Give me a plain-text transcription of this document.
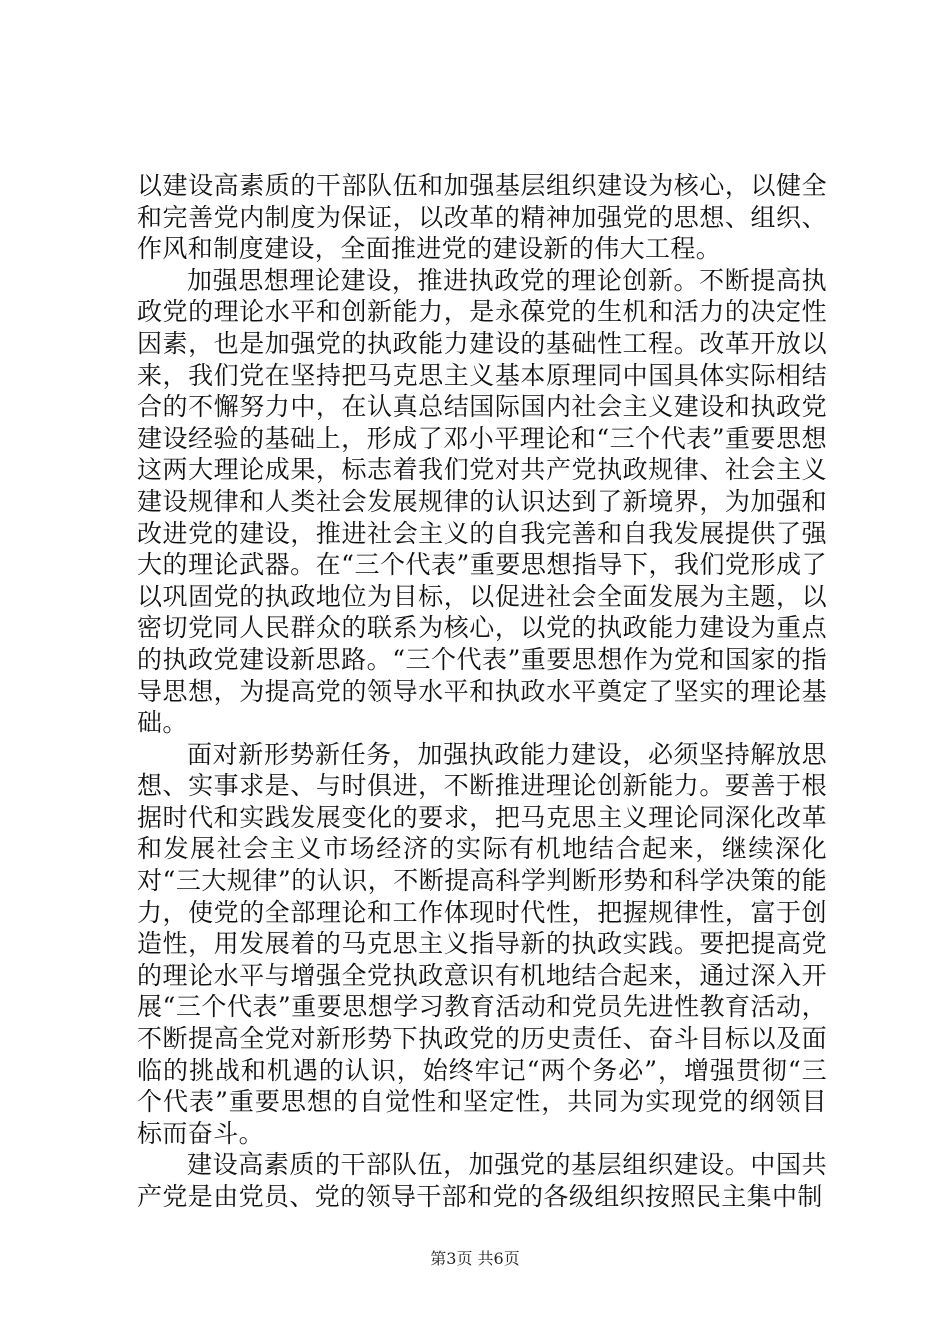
以建设高素质的干部队伍和加强基层组织建设为核心，以健全和完善党内制度为保证，以改革的精神加强党的思想、组织、作风和制度建设，全面推进党的建设新的伟大工程。

加强思想理论建设，推进执政党的理论创新。不断提高执政党的理论水平和创新能力，是永葆党的生机和活力的决定性因素，也是加强党的执政能力建设的基础性工程。改革开放以来，我们党在坚持把马克思主义基本原理同中国具体实际相结合的不懈努力中，在认真总结国际国内社会主义建设和执政党建设经验的基础上，形成了邓小平理论和“三个代表”重要思想这两大理论成果，标志着我们党对共产党执政规律、社会主义建设规律和人类社会发展规律的认识达到了新境界，为加强和改进党的建设，推进社会主义的自我完善和自我发展提供了强大的理论武器。在“三个代表”重要思想指导下，我们党形成了以巩固党的执政地位为目标，以促进社会全面发展为主题，以密切党同人民群众的联系为核心，以党的执政能力建设为重点的执政党建设新思路。“三个代表”重要思想作为党和国家的指导思想，为提高党的领导水平和执政水平奠定了坚实的理论基础。

面对新形势新任务，加强执政能力建设，必须坚持解放思想、实事求是、与时俱进，不断推进理论创新能力。要善于根据时代和实践发展变化的要求，把马克思主义理论同深化改革和发展社会主义市场经济的实际有机地结合起来，继续深化对“三大规律”的认识，不断提高科学判断形势和科学决策的能力，使党的全部理论和工作体现时代性，把握规律性，富于创造性，用发展着的马克思主义指导新的执政实践。要把提高党的理论水平与增强全党执政意识有机地结合起来，通过深入开展“三个代表”重要思想学习教育活动和党员先进性教育活动，不断提高全党对新形势下执政党的历史责任、奋斗目标以及面临的挑战和机遇的认识，始终牢记“两个务必”，增强贯彻“三个代表”重要思想的自觉性和坚定性，共同为实现党的纲领目标而奋斗。

建设高素质的干部队伍，加强党的基层组织建设。中国共产党是由党员、党的领导干部和党的各级组织按照民主集中制

第3页 共6页
